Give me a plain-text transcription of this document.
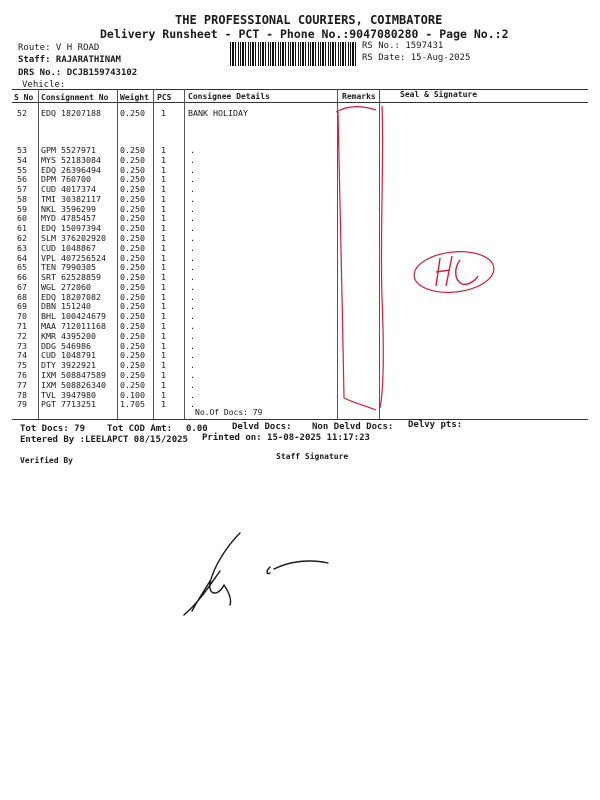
THE PROFESSIONAL COURIERS, COIMBATORE
Delivery Runsheet - PCT - Phone No.:9047080280 - Page No.:2
Route: V H ROAD
Staff: RAJARATHINAM
DRS No.: DCJB159743102
Vehicle:
RS No.: 1597431
RS Date: 15-Aug-2025
S No Consignment No Weight PCS Consignee Details	Remarks	Seal & Signature
52 EDQ 18207188 0.250 1	BANK HOLIDAY
53 GPM 5527971	0.250 1	.
54 MYS 52183084 0.250 1	.
55 EDQ 26396494 0.250 1	.
56 DPM 760700	0.250 1	.
57 CUD 4017374	0.250 1	.
58 TMI 30382117 0.250 1	.
59 NKL 3596299	0.250 1	.
60 MYD 4785457	0.250 1	.
61 EDQ 15097394 0.250 1	.
62 SLM 376202920 0.250 1	.
63 CUD 1048867	0.250 1	.
64 VPL 407256524 0.250 1	.
65 TEN 7990305	0.250 1	.
66 SRT 62528859 0.250 1	.
67 WGL 272060	0.250 1	.
68 EDQ 18207082 0.250 1	.
69 DBN 151240	0.250 1	.
70 BHL 100424679 0.250 1	.
71 MAA 712011168 0.250 1	.
72 KMR 4395200	0.250 1	.
73 DDG 546986	0.250 1	.
74 CUD 1048791	0.250 1	.
75 DTY 3922921	0.250 1	.
76 IXM 508847589 0.250 1	.
77 IXM 508826340 0.250 1	.
78 TVL 3947980	0.100 1	.
79 PGT 7713251	1.705 1	.
No.Of Docs: 79
Tot Docs: 79 Tot COD Amt: 0.00	Delvd Docs: Non Delvd Docs: Delvy pts:
Entered By :LEELAPCT 08/15/2025 Printed on: 15-08-2025 11:17:23
Verified By	Staff Signature
